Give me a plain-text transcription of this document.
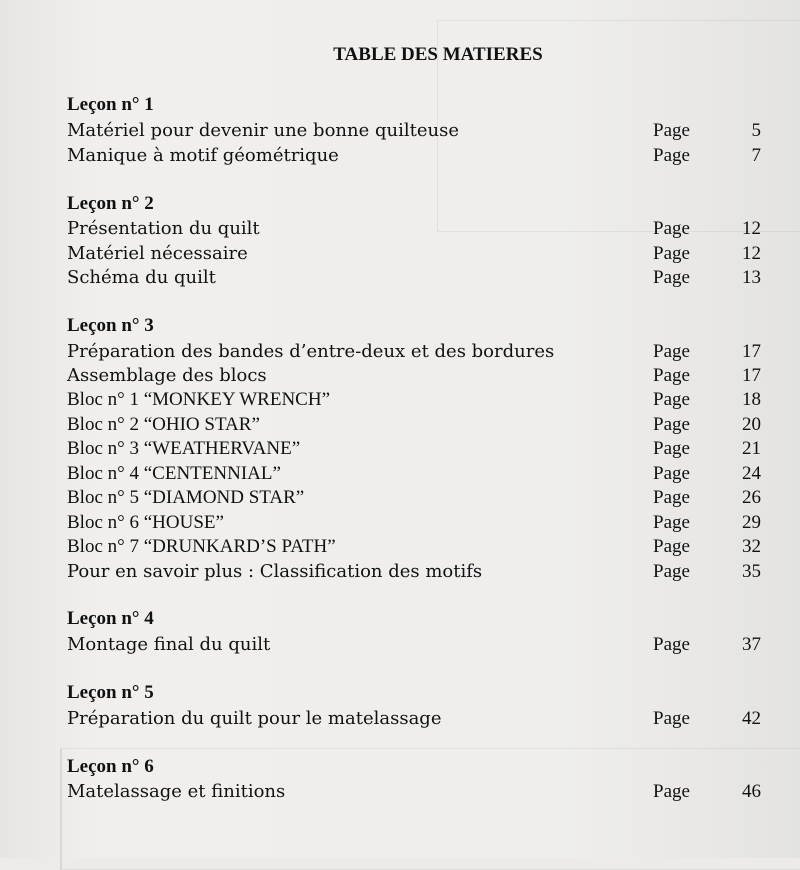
TABLE DES MATIERES
Leçon n° 1
Matériel pour devenir une bonne quilteuse	Page	5
Manique à motif géométrique	Page	7
Leçon n° 2
Présentation du quilt	Page	12
Matériel nécessaire	Page	12
Schéma du quilt	Page	13
Leçon n° 3
Préparation des bandes d’entre-deux et des bordures	Page	17
Assemblage des blocs	Page	17
Bloc n° 1 “MONKEY WRENCH”	Page	18
Bloc n° 2 “OHIO STAR”	Page	20
Bloc n° 3 “WEATHERVANE”	Page	21
Bloc n° 4 “CENTENNIAL”	Page	24
Bloc n° 5 “DIAMOND STAR”	Page	26
Bloc n° 6 “HOUSE”	Page	29
Bloc n° 7 “DRUNKARD’S PATH”	Page	32
Pour en savoir plus : Classification des motifs	Page	35
Leçon n° 4
Montage final du quilt	Page	37
Leçon n° 5
Préparation du quilt pour le matelassage	Page	42
Leçon n° 6
Matelassage et finitions	Page	46
